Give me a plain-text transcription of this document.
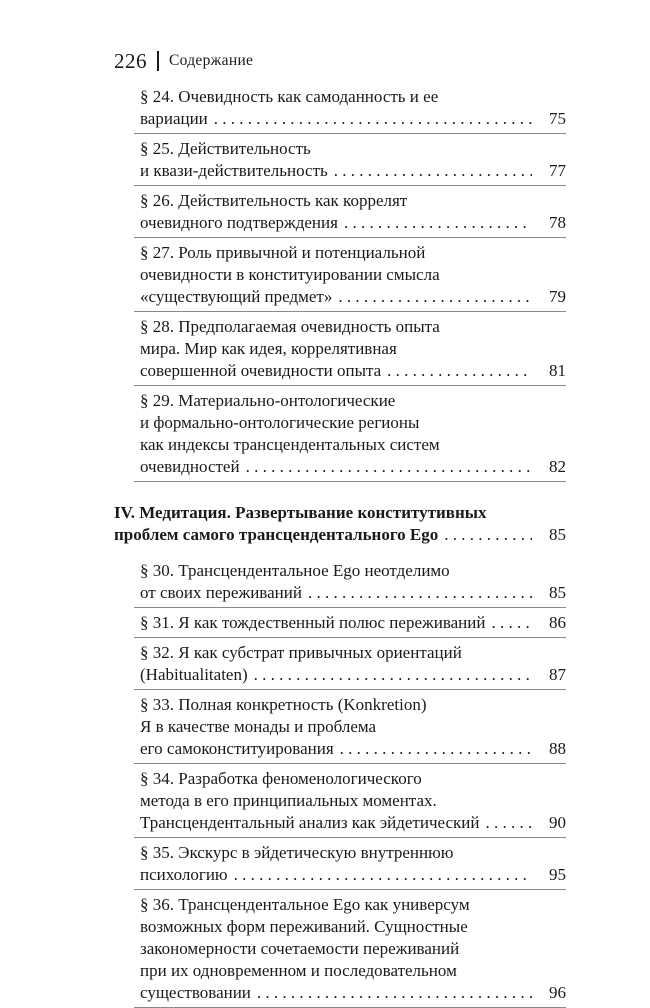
226 Содержание
§ 24. Очевидность как самоданность и ее
вариации . . .	75
§ 25. Действительность
и квази-действительность . . .	77
§ 26. Действительность как коррелят
очевидного подтверждения . . .	78
§ 27. Роль привычной и потенциальной
очевидности в конституировании смысла
«существующий предмет» . . .	79
§ 28. Предполагаемая очевидность опыта
мира. Мир как идея, коррелятивная
совершенной очевидности опыта . . .	81
§ 29. Материально-онтологические
и формально-онтологические регионы
как индексы трансцендентальных систем
очевидностей . . .	82
IV. Медитация. Развертывание конститутивных
проблем самого трансцендентального Ego . . .	85
§ 30. Трансцендентальное Ego неотделимо
от своих переживаний . . .	85
§ 31. Я как тождественный полюс переживаний . . .	86
§ 32. Я как субстрат привычных ориентаций
(Habitualitaten) . . .	87
§ 33. Полная конкретность (Konkretion)
Я в качестве монады и проблема
его самоконституирования . . .	88
§ 34. Разработка феноменологического
метода в его принципиальных моментах.
Трансцендентальный анализ как эйдетический . . .	90
§ 35. Экскурс в эйдетическую внутреннюю
психологию . . .	95
§ 36. Трансцендентальное Ego как универсум
возможных форм переживаний. Сущностные
закономерности сочетаемости переживаний
при их одновременном и последовательном
существовании . . .	96
